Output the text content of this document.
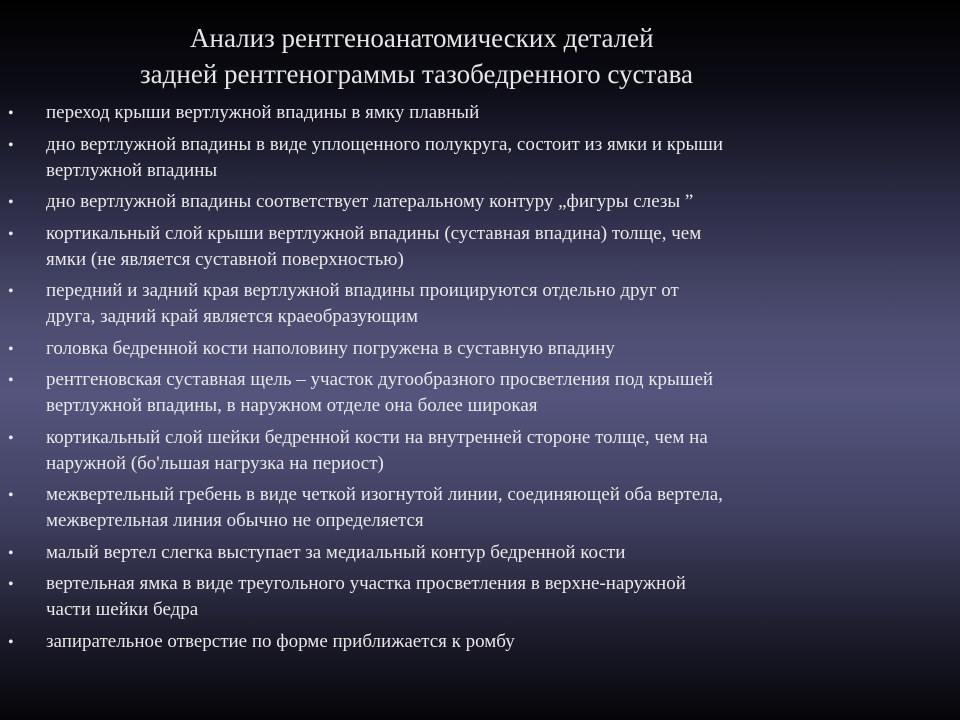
Анализ рентгеноанатомических деталей
задней рентгенограммы тазобедренного сустава
• переход крыши вертлужной впадины в ямку плавный
• дно вертлужной впадины в виде уплощенного полукруга, состоит из ямки и крыши
вертлужной впадины
• дно вертлужной впадины соответствует латеральному контуру „фигуры слезы ”
• кортикальный слой крыши вертлужной впадины (суставная впадина) толще, чем
ямки (не является суставной поверхностью)
• передний и задний края вертлужной впадины проицируются отдельно друг от
друга, задний край является краеобразующим
• головка бедренной кости наполовину погружена в суставную впадину
• рентгеновская суставная щель – участок дугообразного просветления под крышей
вертлужной впадины, в наружном отделе она более широкая
• кортикальный слой шейки бедренной кости на внутренней стороне толще, чем на
наружной (бо'льшая нагрузка на периост)
• межвертельный гребень в виде четкой изогнутой линии, соединяющей оба вертела,
межвертельная линия обычно не определяется
• малый вертел слегка выступает за медиальный контур бедренной кости
• вертельная ямка в виде треугольного участка просветления в верхне-наружной
части шейки бедра
• запирательное отверстие по форме приближается к ромбу
